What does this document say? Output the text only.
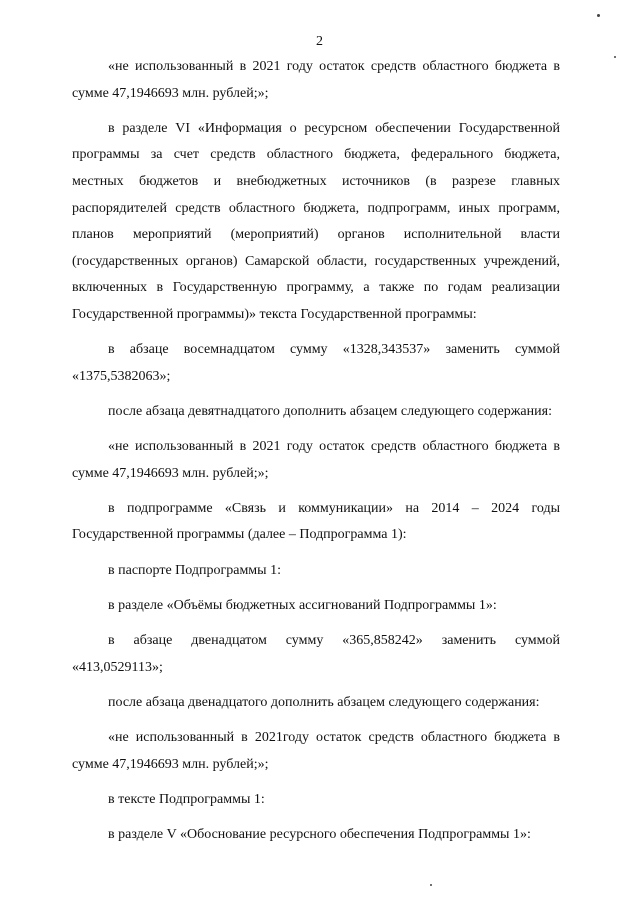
2

«не использованный в 2021 году остаток средств областного бюджета в сумме 47,1946693 млн. рублей;»;

в разделе VI «Информация о ресурсном обеспечении Государственной программы за счет средств областного бюджета, федерального бюджета, местных бюджетов и внебюджетных источников (в разрезе главных распорядителей средств областного бюджета, подпрограмм, иных программ, планов мероприятий (мероприятий) органов исполнительной власти (государственных органов) Самарской области, государственных учреждений, включенных в Государственную программу, а также по годам реализации Государственной программы)» текста Государственной программы:

в абзаце восемнадцатом сумму «1328,343537» заменить суммой «1375,5382063»;

после абзаца девятнадцатого дополнить абзацем следующего содержания:

«не использованный в 2021 году остаток средств областного бюджета в сумме 47,1946693 млн. рублей;»;

в подпрограмме «Связь и коммуникации» на 2014 – 2024 годы Государственной программы (далее – Подпрограмма 1):

в паспорте Подпрограммы 1:

в разделе «Объёмы бюджетных ассигнований Подпрограммы 1»:

в абзаце двенадцатом сумму «365,858242» заменить суммой «413,0529113»;

после абзаца двенадцатого дополнить абзацем следующего содержания:

«не использованный в 2021году остаток средств областного бюджета в сумме 47,1946693 млн. рублей;»;

в тексте Подпрограммы 1:

в разделе V «Обоснование ресурсного обеспечения Подпрограммы 1»:
